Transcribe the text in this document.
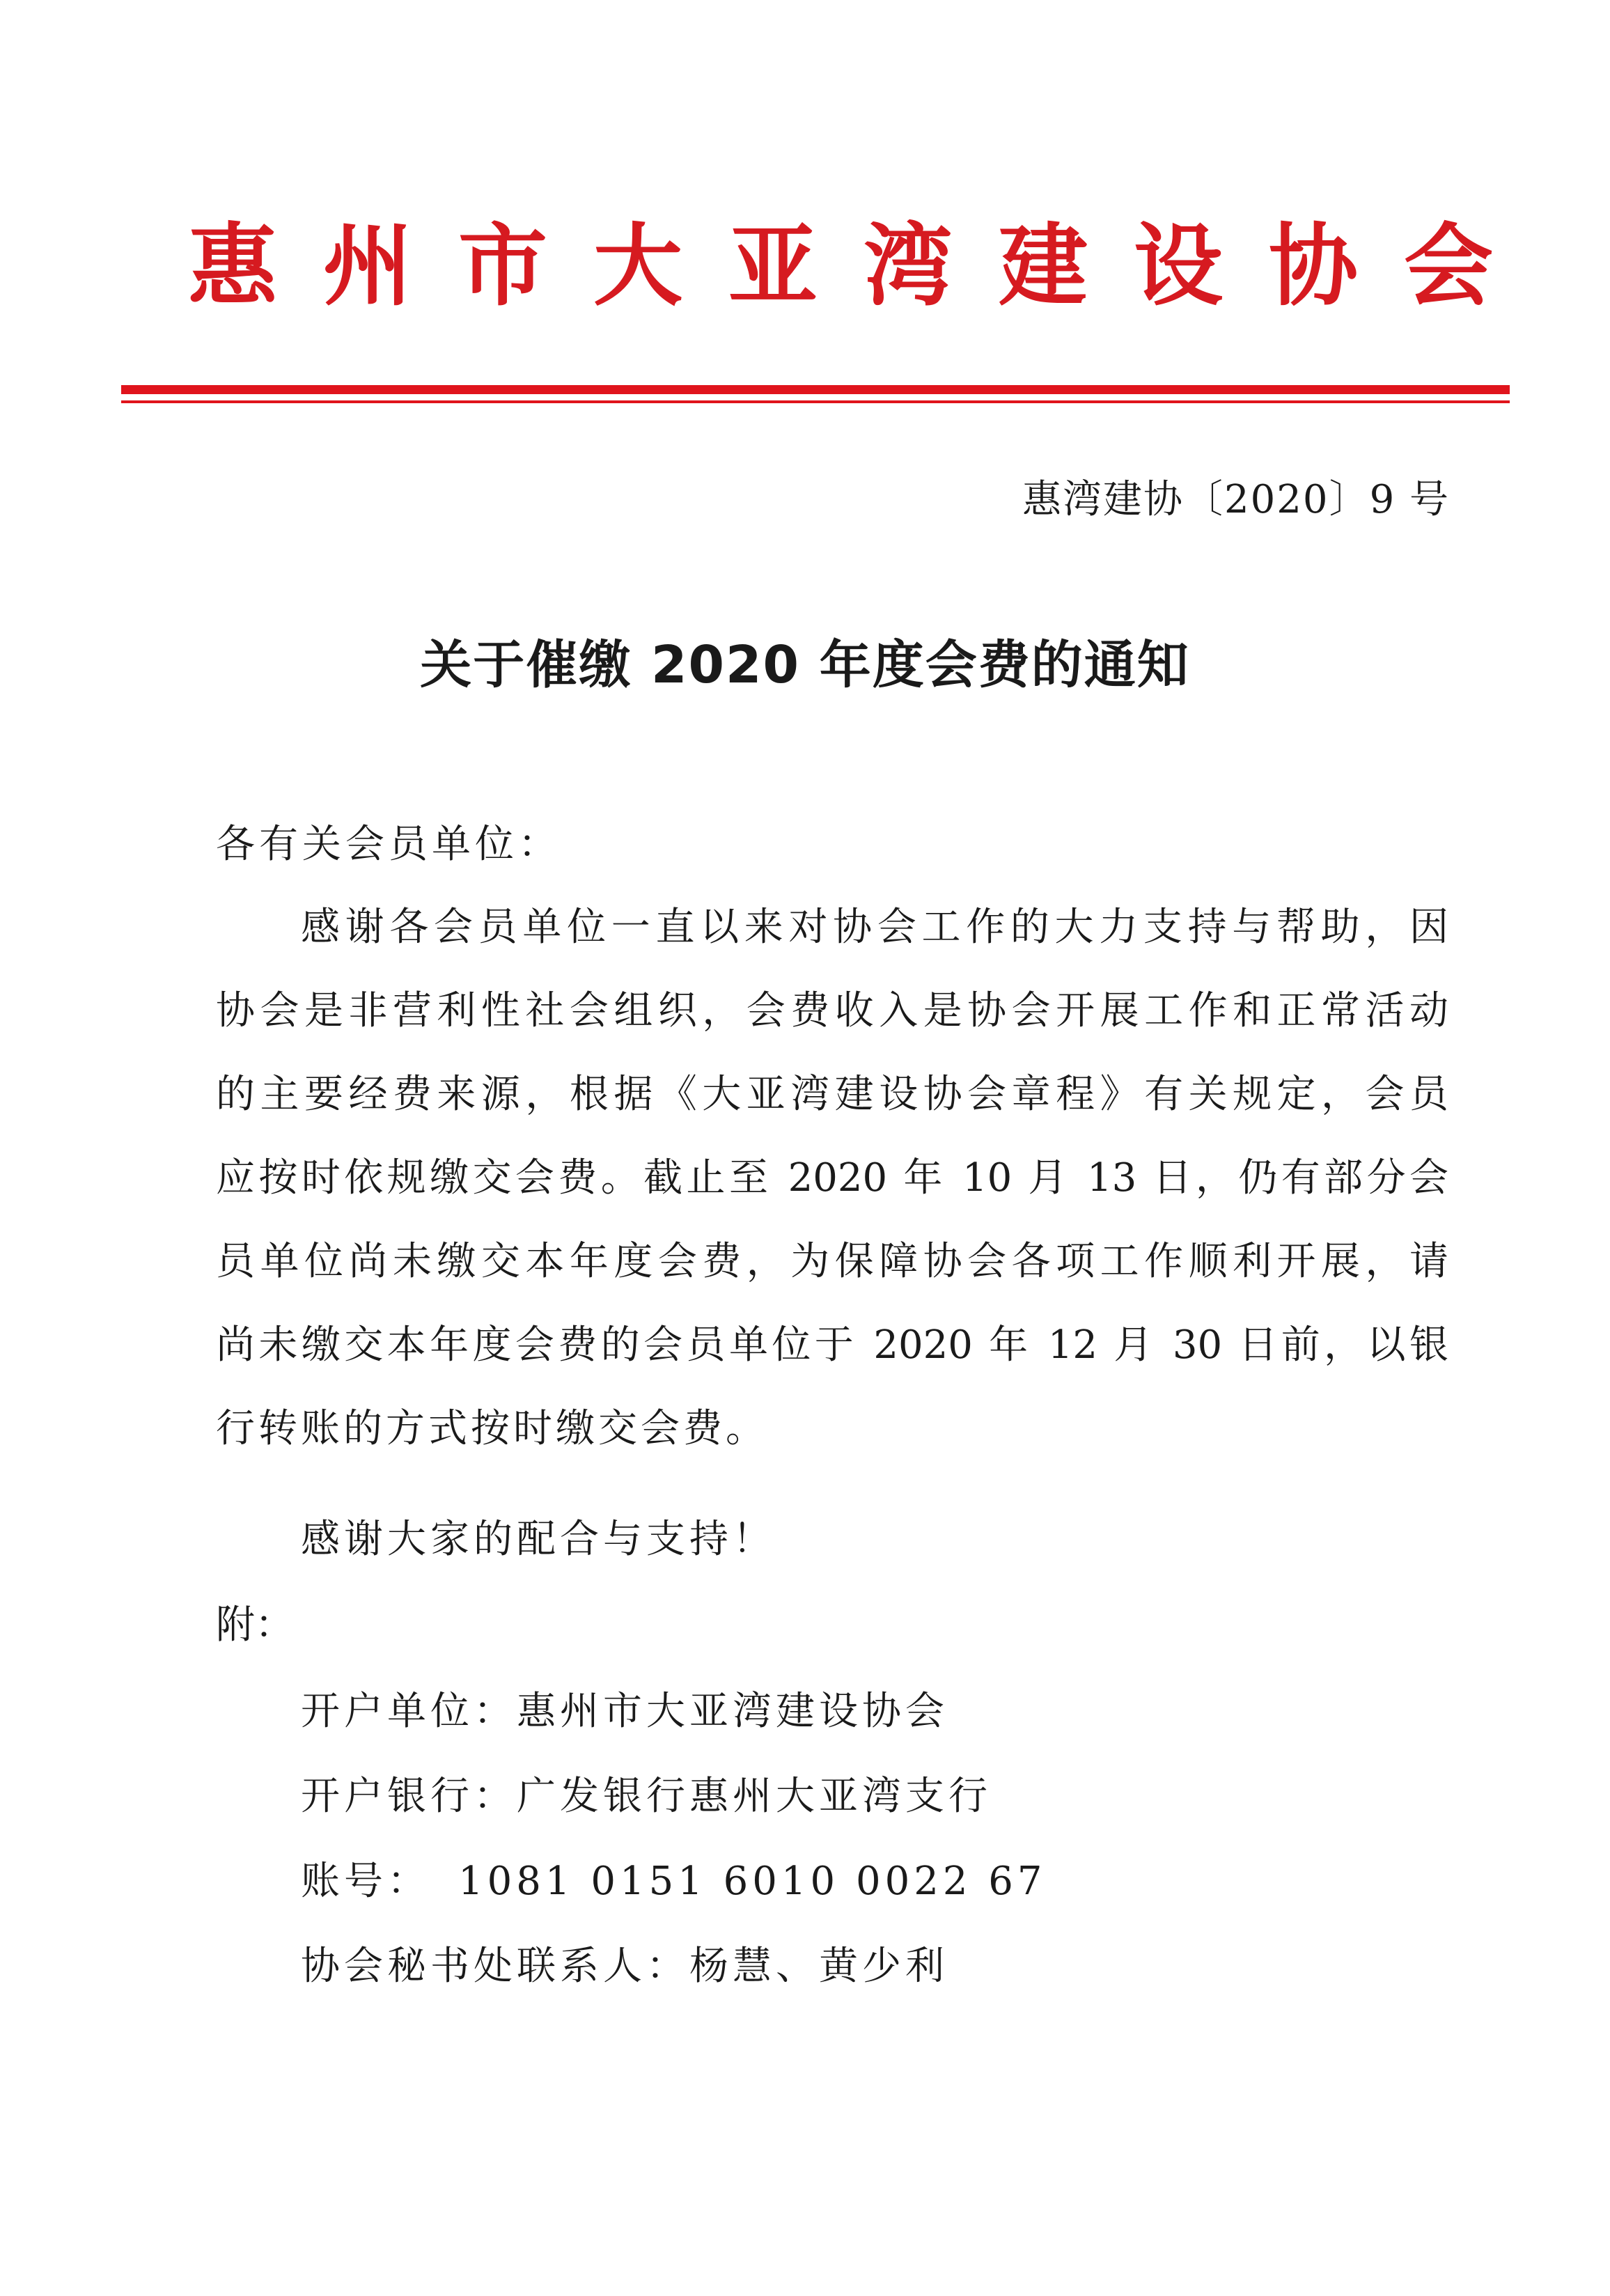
惠州市大亚湾建设协会
惠湾建协〔2020〕9 号
关于催缴 2020 年度会费的通知
各有关会员单位：
感谢各会员单位一直以来对协会工作的大力支持与帮助，因
协会是非营利性社会组织，会费收入是协会开展工作和正常活动
的主要经费来源，根据《大亚湾建设协会章程》有关规定，会员
应按时依规缴交会费。截止至 2020 年 10 月 13 日，仍有部分会
员单位尚未缴交本年度会费，为保障协会各项工作顺利开展，请
尚未缴交本年度会费的会员单位于 2020 年 12 月 30 日前，以银
行转账的方式按时缴交会费。
感谢大家的配合与支持！
附：
开户单位：惠州市大亚湾建设协会
开户银行：广发银行惠州大亚湾支行
账号： 1081 0151 6010 0022 67
协会秘书处联系人：杨慧、黄少利
